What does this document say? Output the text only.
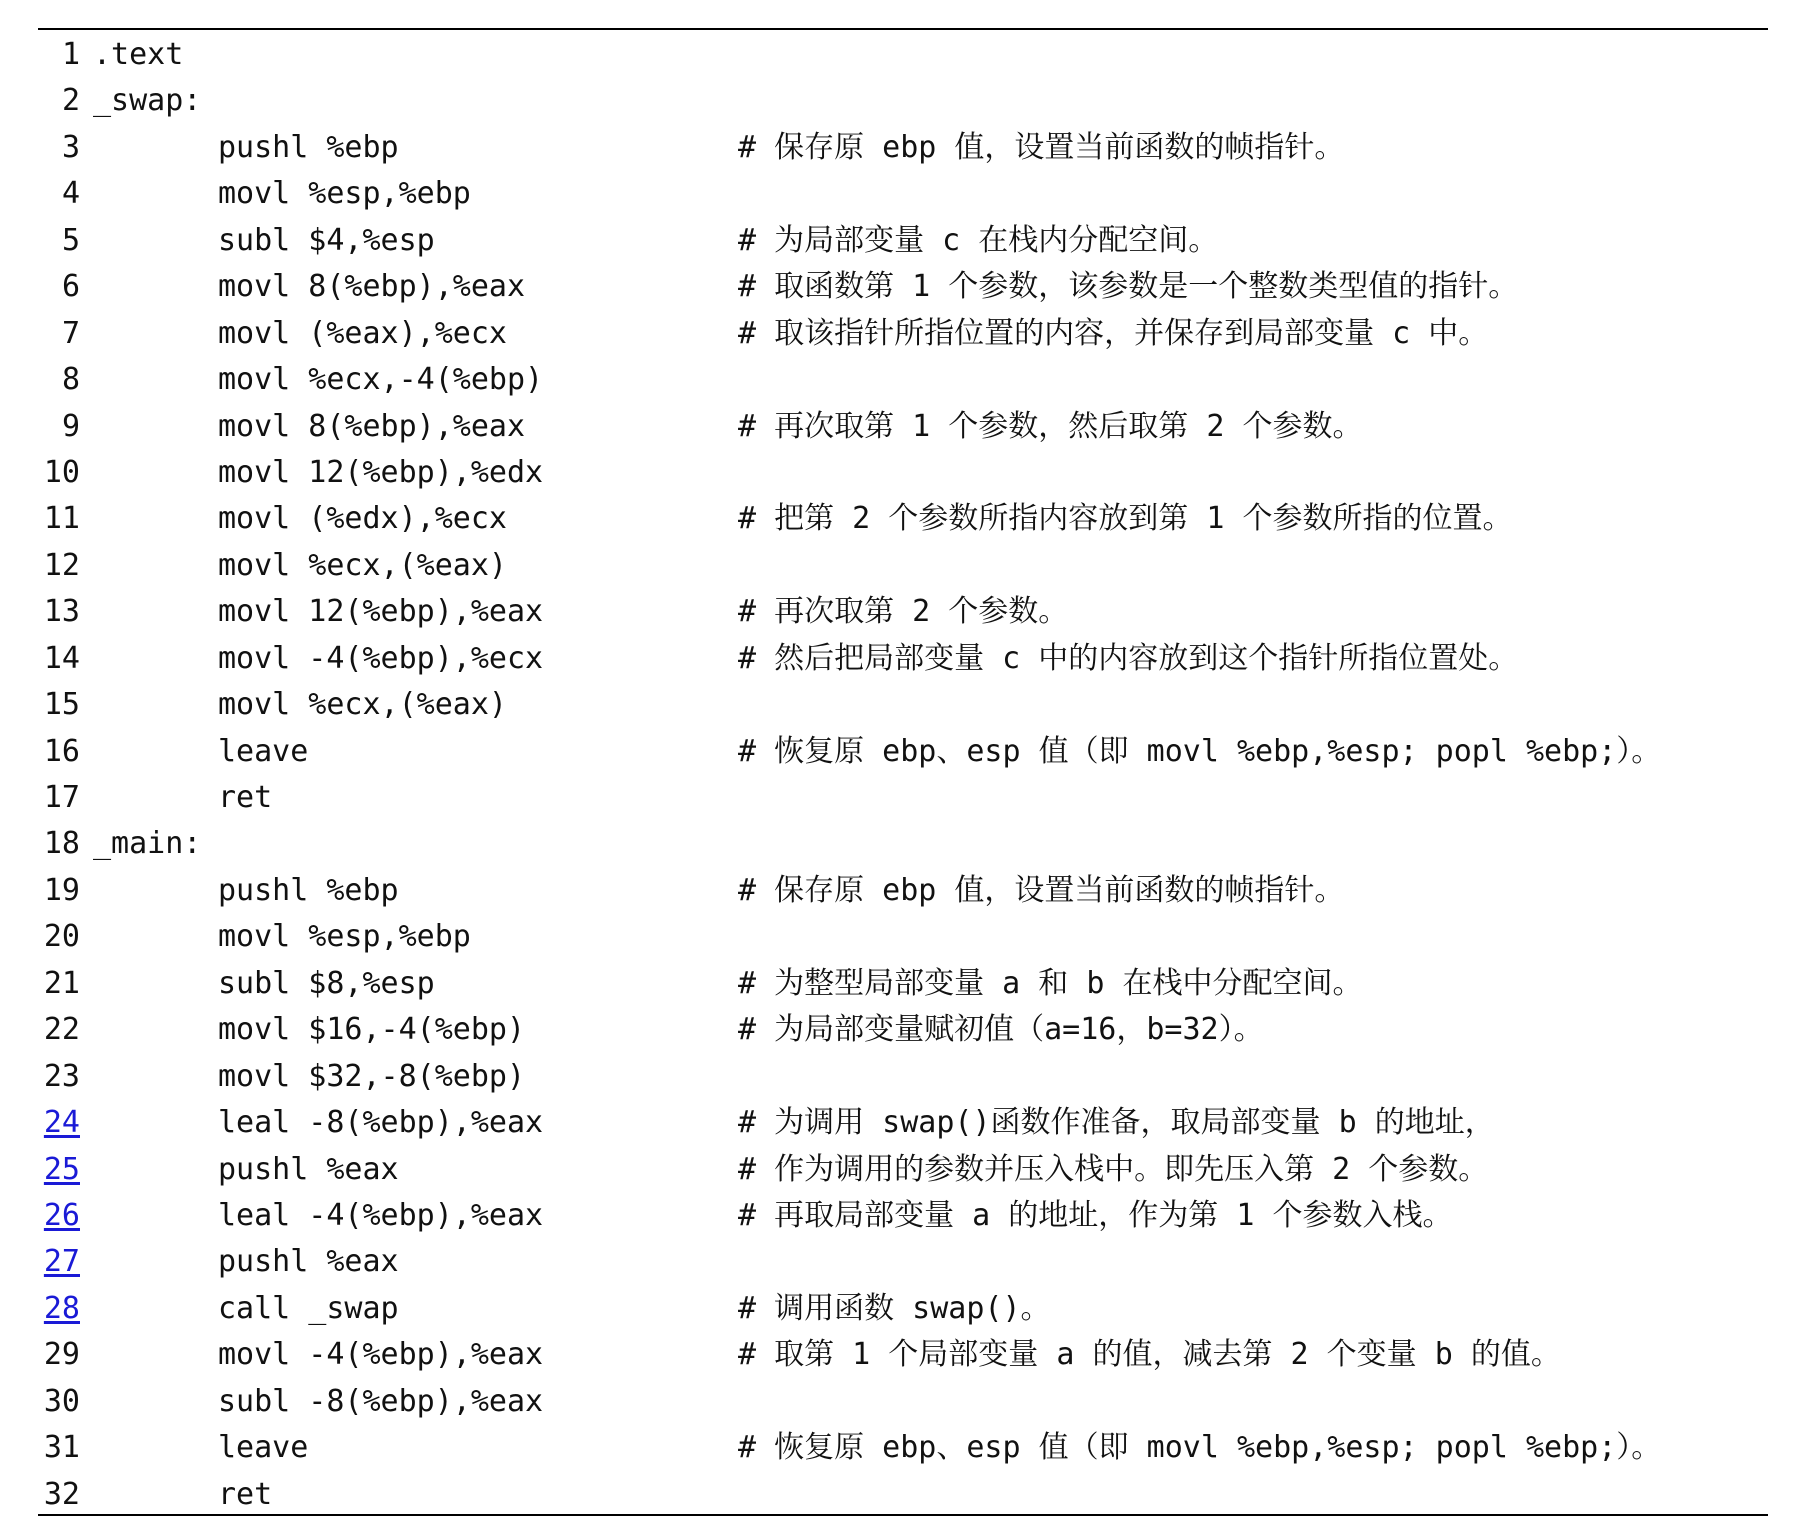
1 .text
2 _swap:
3	pushl %ebp	# 保存原 ebp 值，设置当前函数的帧指针。
4	movl %esp,%ebp
5	subl $4,%esp	# 为局部变量 c 在栈内分配空间。
6	movl 8(%ebp),%eax	# 取函数第 1 个参数，该参数是一个整数类型值的指针。
7	movl (%eax),%ecx	# 取该指针所指位置的内容，并保存到局部变量 c 中。
8	movl %ecx,-4(%ebp)
9	movl 8(%ebp),%eax	# 再次取第 1 个参数，然后取第 2 个参数。
10	movl 12(%ebp),%edx
11	movl (%edx),%ecx	# 把第 2 个参数所指内容放到第 1 个参数所指的位置。
12	movl %ecx,(%eax)
13	movl 12(%ebp),%eax	# 再次取第 2 个参数。
14	movl -4(%ebp),%ecx	# 然后把局部变量 c 中的内容放到这个指针所指位置处。
15	movl %ecx,(%eax)
16	leave	# 恢复原 ebp、esp 值（即 movl %ebp,%esp; popl %ebp;）。
17	ret
18 _main:
19	pushl %ebp	# 保存原 ebp 值，设置当前函数的帧指针。
20	movl %esp,%ebp
21	subl $8,%esp	# 为整型局部变量 a 和 b 在栈中分配空间。
22	movl $16,-4(%ebp)	# 为局部变量赋初值（a=16，b=32）。
23	movl $32,-8(%ebp)
24	leal -8(%ebp),%eax	# 为调用 swap()函数作准备，取局部变量 b 的地址，
25	pushl %eax	# 作为调用的参数并压入栈中。即先压入第 2 个参数。
26	leal -4(%ebp),%eax	# 再取局部变量 a 的地址，作为第 1 个参数入栈。
27	pushl %eax
28	call _swap	# 调用函数 swap()。
29	movl -4(%ebp),%eax	# 取第 1 个局部变量 a 的值，减去第 2 个变量 b 的值。
30	subl -8(%ebp),%eax
31	leave	# 恢复原 ebp、esp 值（即 movl %ebp,%esp; popl %ebp;）。
32	ret
